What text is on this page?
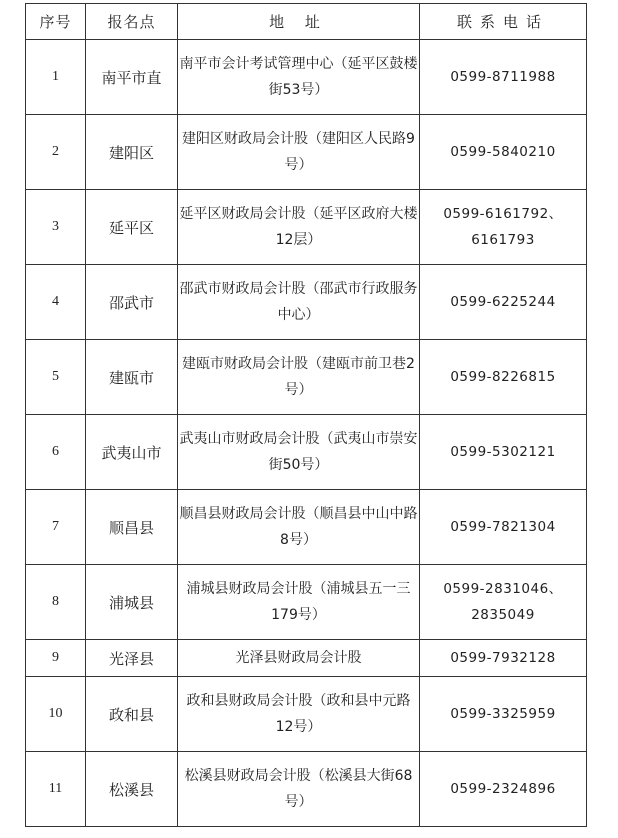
序号	报名点	地 址	联系电话
1	南平市直	南平市会计考试管理中心（延平区鼓楼街53号）	0599-8711988
2	建阳区	建阳区财政局会计股（建阳区人民路9号）	0599-5840210
3	延平区	延平区财政局会计股（延平区政府大楼12层）	0599-6161792、6161793
4	邵武市	邵武市财政局会计股（邵武市行政服务中心）	0599-6225244
5	建瓯市	建瓯市财政局会计股（建瓯市前卫巷2号）	0599-8226815
6	武夷山市	武夷山市财政局会计股（武夷山市崇安街50号）	0599-5302121
7	顺昌县	顺昌县财政局会计股（顺昌县中山中路8号）	0599-7821304
8	浦城县	浦城县财政局会计股（浦城县五一三179号）	0599-2831046、2835049
9	光泽县	光泽县财政局会计股	0599-7932128
10	政和县	政和县财政局会计股（政和县中元路12号）	0599-3325959
11	松溪县	松溪县财政局会计股（松溪县大街68号）	0599-2324896
